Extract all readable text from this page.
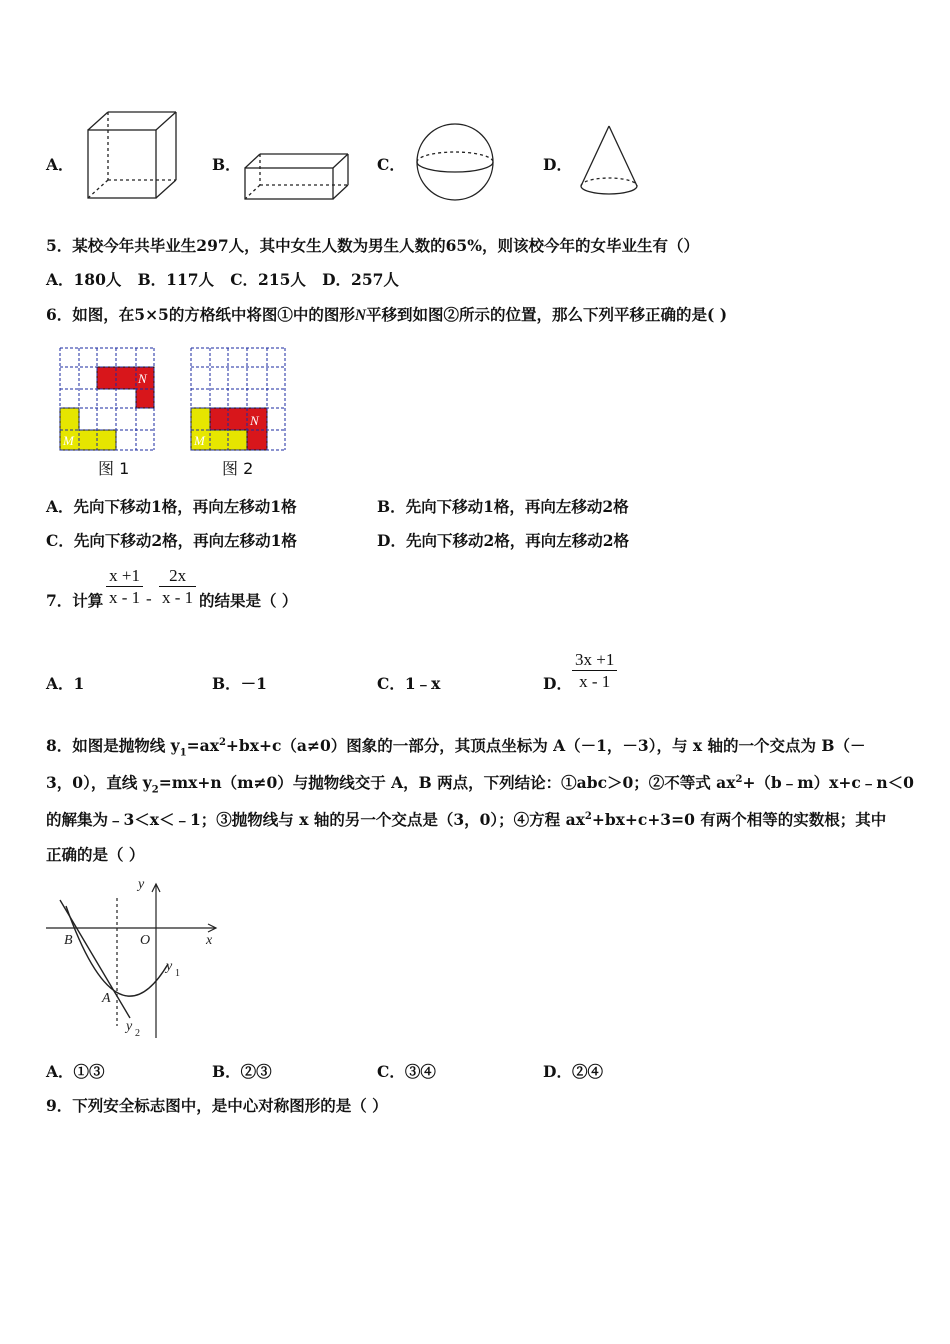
A．	B．	C．	D．
5．某校今年共毕业生297人，其中女生人数为男生人数的65%，则该校今年的女毕业生有（）
A．180人   B．117人   C．215人   D．257人
6．如图，在5×5的方格纸中将图①中的图形N平移到如图②所示的位置，那么下列平移正确的是( )
N
M
图 1
N
M
图 2
A．先向下移动1格，再向左移动1格	B．先向下移动1格，再向左移动2格
C．先向下移动2格，再向左移动1格	D．先向下移动2格，再向左移动2格
7．计算 $\frac{x +1}{x - 1} - \frac{2x}{x - 1}$ 的结果是（ ）
A．1	B．－1	C．1﹣x	D． $\frac{3x +1}{x - 1}$
8．如图是抛物线 $y_1=ax^2+bx+c(a\ne 0)$图象的一部分，其顶点坐标为 A（－1，－3），与 x 轴的一个交点为 B（－
3，0），直线 $y_2=mx+n(m\ne 0)$与抛物线交于 A，B 两点，下列结论：①abc＞0；②不等式 $ax^2+(b﹣m)x+c﹣n<0$
的解集为﹣3＜x＜﹣1；③抛物线与 x 轴的另一个交点是（3，0）；④方程 $ax^2+bx+c+3=0$ 有两个相等的实数根；其中
正确的是（ ）
y
x
O
B
A
y 1
y 2
A．①③	B．②③	C．③④	D．②④
9．下列安全标志图中，是中心对称图形的是（ ）
